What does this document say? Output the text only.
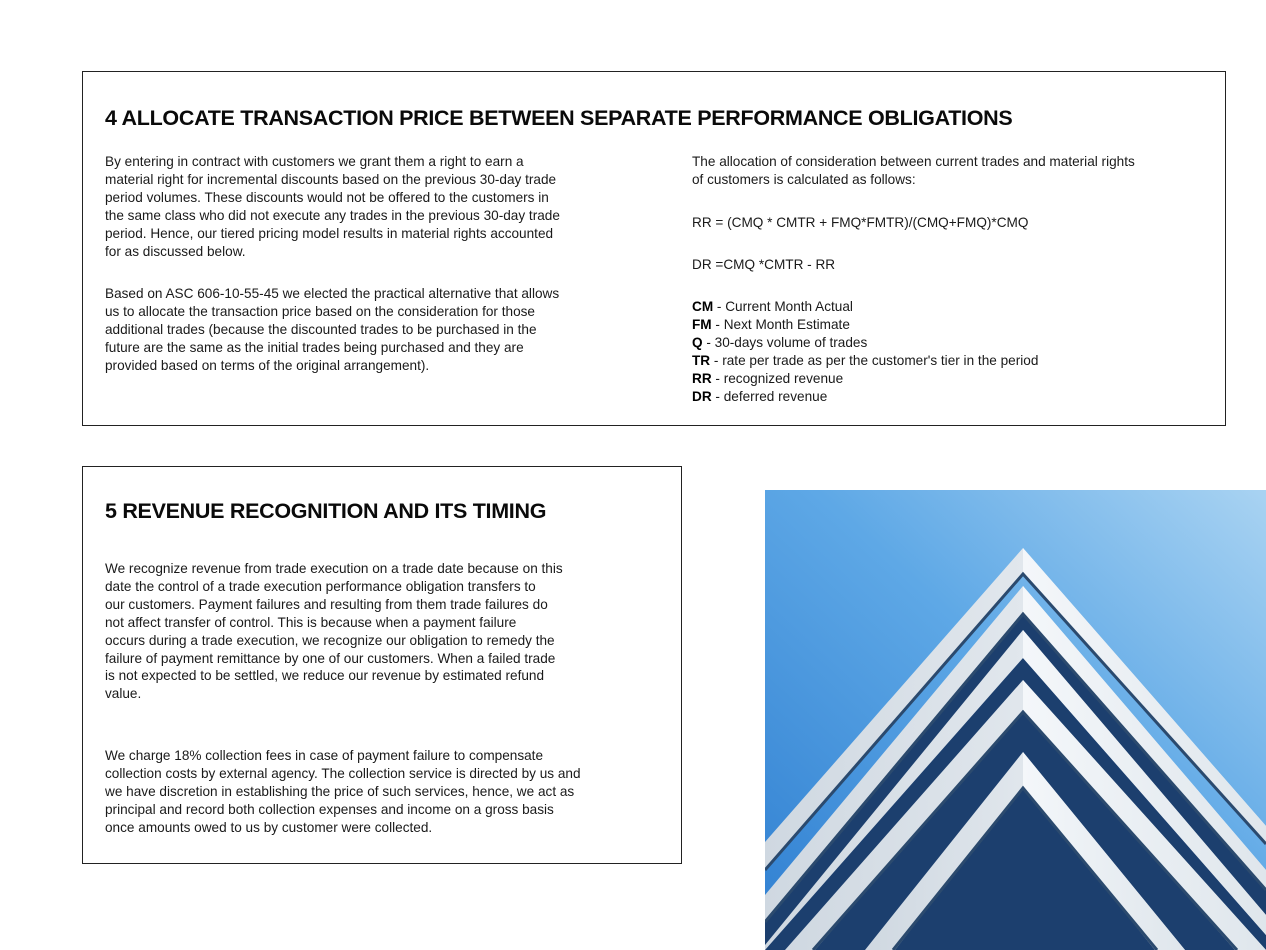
4 ALLOCATE TRANSACTION PRICE BETWEEN SEPARATE PERFORMANCE OBLIGATIONS

By entering in contract with customers we grant them a right to earn a
material right for incremental discounts based on the previous 30-day trade
period volumes. These discounts would not be offered to the customers in
the same class who did not execute any trades in the previous 30-day trade
period. Hence, our tiered pricing model results in material rights accounted
for as discussed below.

Based on ASC 606-10-55-45 we elected the practical alternative that allows
us to allocate the transaction price based on the consideration for those
additional trades (because the discounted trades to be purchased in the
future are the same as the initial trades being purchased and they are
provided based on terms of the original arrangement).

The allocation of consideration between current trades and material rights
of customers is calculated as follows:

RR = (CMQ * CMTR + FMQ*FMTR)/(CMQ+FMQ)*CMQ

DR =CMQ *CMTR - RR

CM - Current Month Actual
FM - Next Month Estimate
Q - 30-days volume of trades
TR - rate per trade as per the customer's tier in the period
RR - recognized revenue
DR - deferred revenue
5 REVENUE RECOGNITION AND ITS TIMING

We recognize revenue from trade execution on a trade date because on this
date the control of a trade execution performance obligation transfers to
our customers. Payment failures and resulting from them trade failures do
not affect transfer of control. This is because when a payment failure
occurs during a trade execution, we recognize our obligation to remedy the
failure of payment remittance by one of our customers. When a failed trade
is not expected to be settled, we reduce our revenue by estimated refund
value.

We charge 18% collection fees in case of payment failure to compensate
collection costs by external agency. The collection service is directed by us and
we have discretion in establishing the price of such services, hence, we act as
principal and record both collection expenses and income on a gross basis
once amounts owed to us by customer were collected.
